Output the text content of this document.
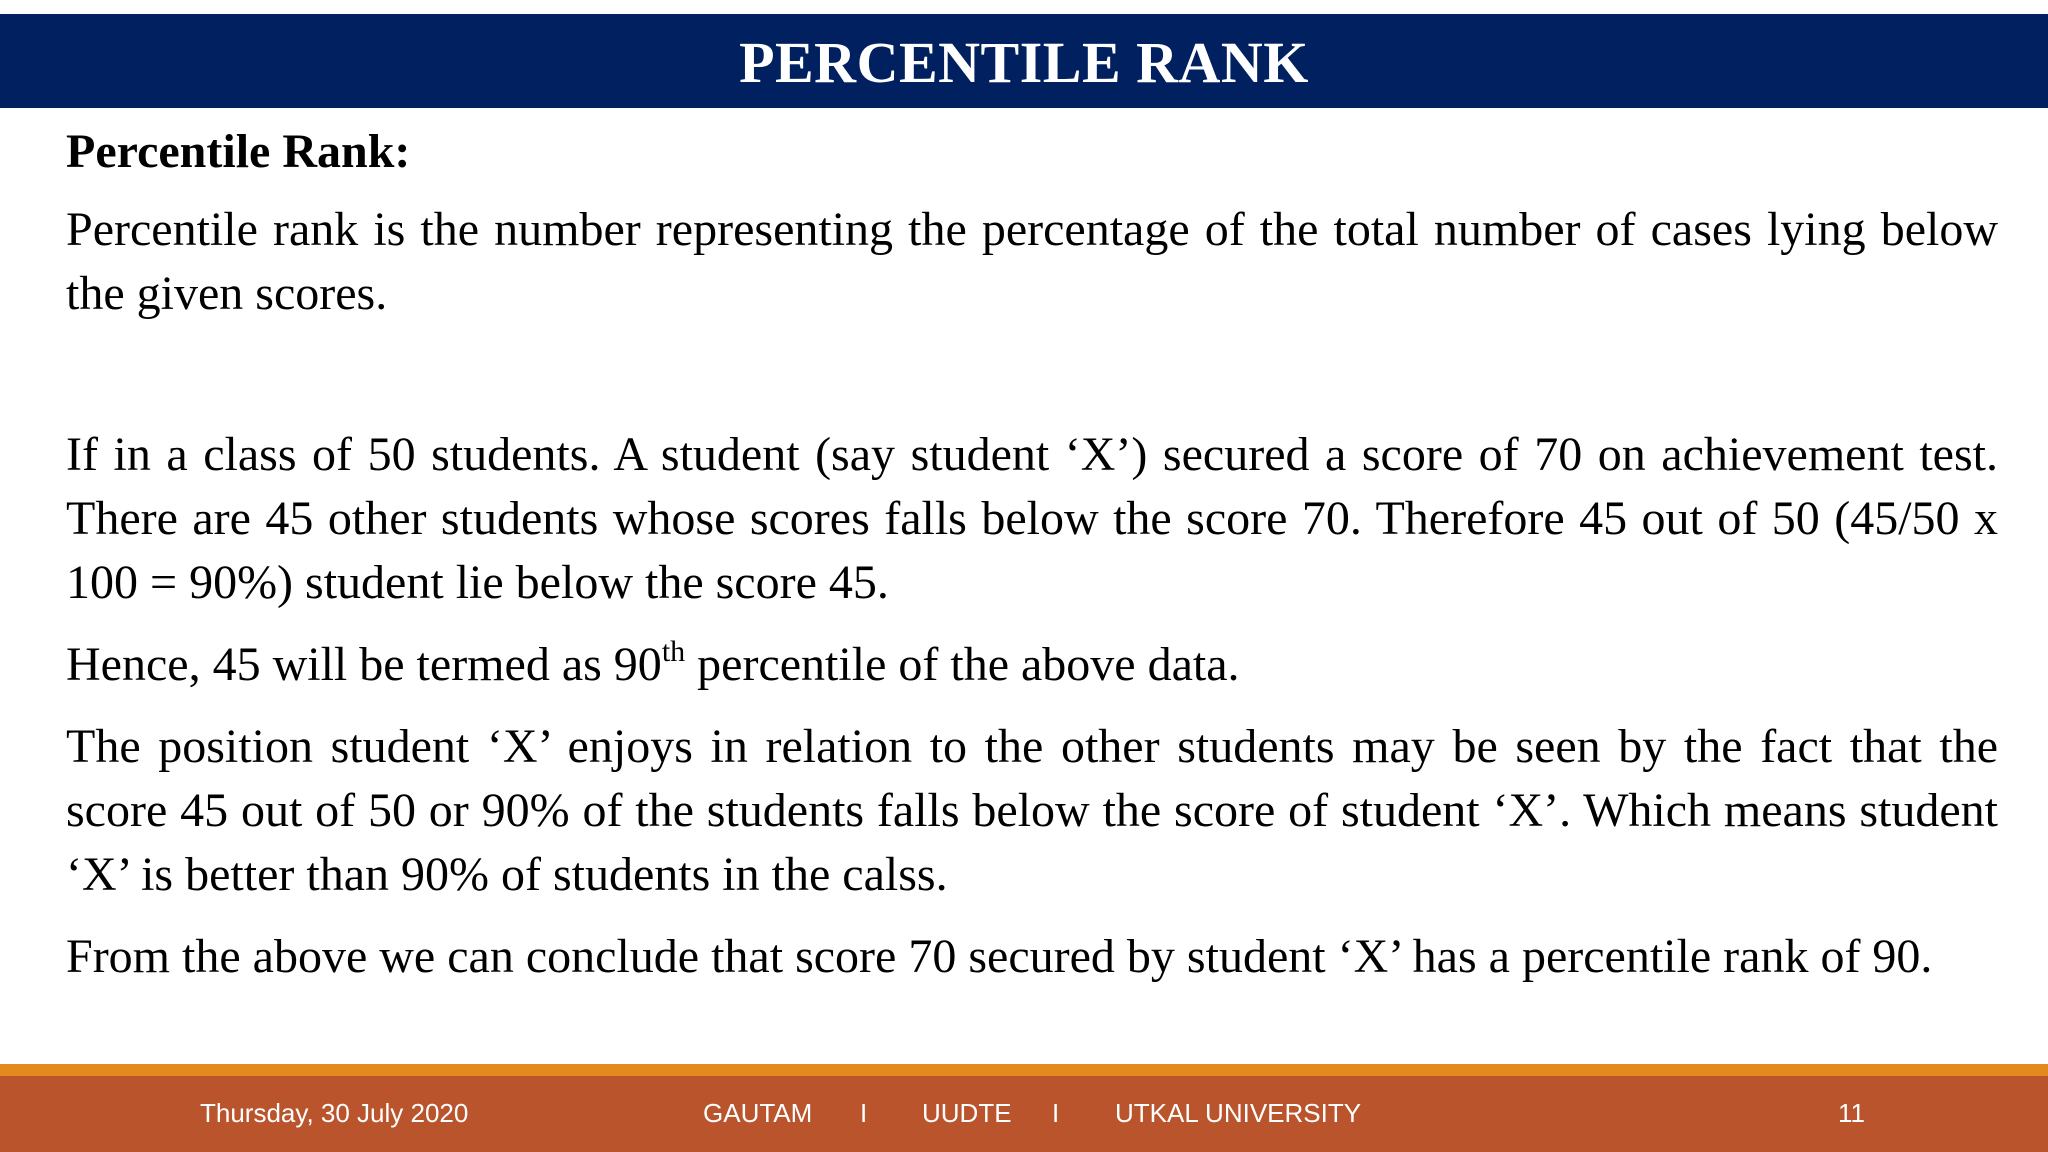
PERCENTILE RANK

Percentile Rank:

Percentile rank is the number representing the percentage of the total number of cases lying below the given scores.

If in a class of 50 students. A student (say student ‘X’) secured a score of 70 on achievement test. There are 45 other students whose scores falls below the score 70. Therefore 45 out of 50 (45/50 x 100 = 90%) student lie below the score 45.

Hence, 45 will be termed as 90th percentile of the above data.

The position student ‘X’ enjoys in relation to the other students may be seen by the fact that the score 45 out of 50 or 90% of the students falls below the score of student ‘X’. Which means student ‘X’ is better than 90% of students in the calss.

From the above we can conclude that score 70 secured by student ‘X’ has a percentile rank of 90.

Thursday, 30 July 2020	GAUTAM I UUDTE I UTKAL UNIVERSITY	11
